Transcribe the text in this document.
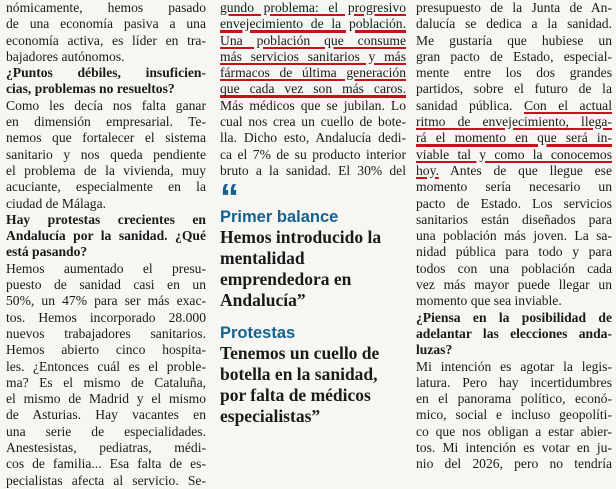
nómicamente, hemos pasado
de una economía pasiva a una
economía activa, es líder en tra-
bajadores autónomos.
¿Puntos débiles, insuficien-
cias, problemas no resueltos?
Como les decía nos falta ganar
en dimensión empresarial. Te-
nemos que fortalecer el sistema
sanitario y nos queda pendiente
el problema de la vivienda, muy
acuciante, especialmente en la
ciudad de Málaga.
Hay protestas crecientes en
Andalucía por la sanidad. ¿Qué
está pasando?
Hemos aumentado el presu-
puesto de sanidad casi en un
50%, un 47% para ser más exac-
tos. Hemos incorporado 28.000
nuevos trabajadores sanitarios.
Hemos abierto cinco hospita-
les. ¿Entonces cuál es el proble-
ma? Es el mismo de Cataluña,
el mismo de Madrid y el mismo
de Asturias. Hay vacantes en
una serie de especialidades.
Anestesistas, pediatras, médi-
cos de familia... Esa falta de es-
pecialistas afecta al servicio. Se-
gundo problema: el progresivo
envejecimiento de la población.
Una población que consume
más servicios sanitarios y más
fármacos de última generación
que cada vez son más caros.
Más médicos que se jubilan. Lo
cual nos crea un cuello de bote-
lla. Dicho esto, Andalucía dedi-
ca el 7% de su producto interior
bruto a la sanidad. El 30% del
“
Primer balance
Hemos introducido la
mentalidad
emprendedora en
Andalucía”
Protestas
Tenemos un cuello de
botella en la sanidad,
por falta de médicos
especialistas”
presupuesto de la Junta de An-
dalucía se dedica a la sanidad.
Me gustaría que hubiese un
gran pacto de Estado, especial-
mente entre los dos grandes
partidos, sobre el futuro de la
sanidad pública. Con el actual
ritmo de envejecimiento, llega-
rá el momento en que será in-
viable tal y como la conocemos
hoy. Antes de que llegue ese
momento sería necesario un
pacto de Estado. Los servicios
sanitarios están diseñados para
una población más joven. La sa-
nidad pública para todo y para
todos con una población cada
vez más mayor puede llegar un
momento que sea inviable.
¿Piensa en la posibilidad de
adelantar las elecciones anda-
luzas?
Mi intención es agotar la legis-
latura. Pero hay incertidumbres
en el panorama político, econó-
mico, social e incluso geopolíti-
co que nos obligan a estar abier-
tos. Mi intención es votar en ju-
nio del 2026, pero no tendría
